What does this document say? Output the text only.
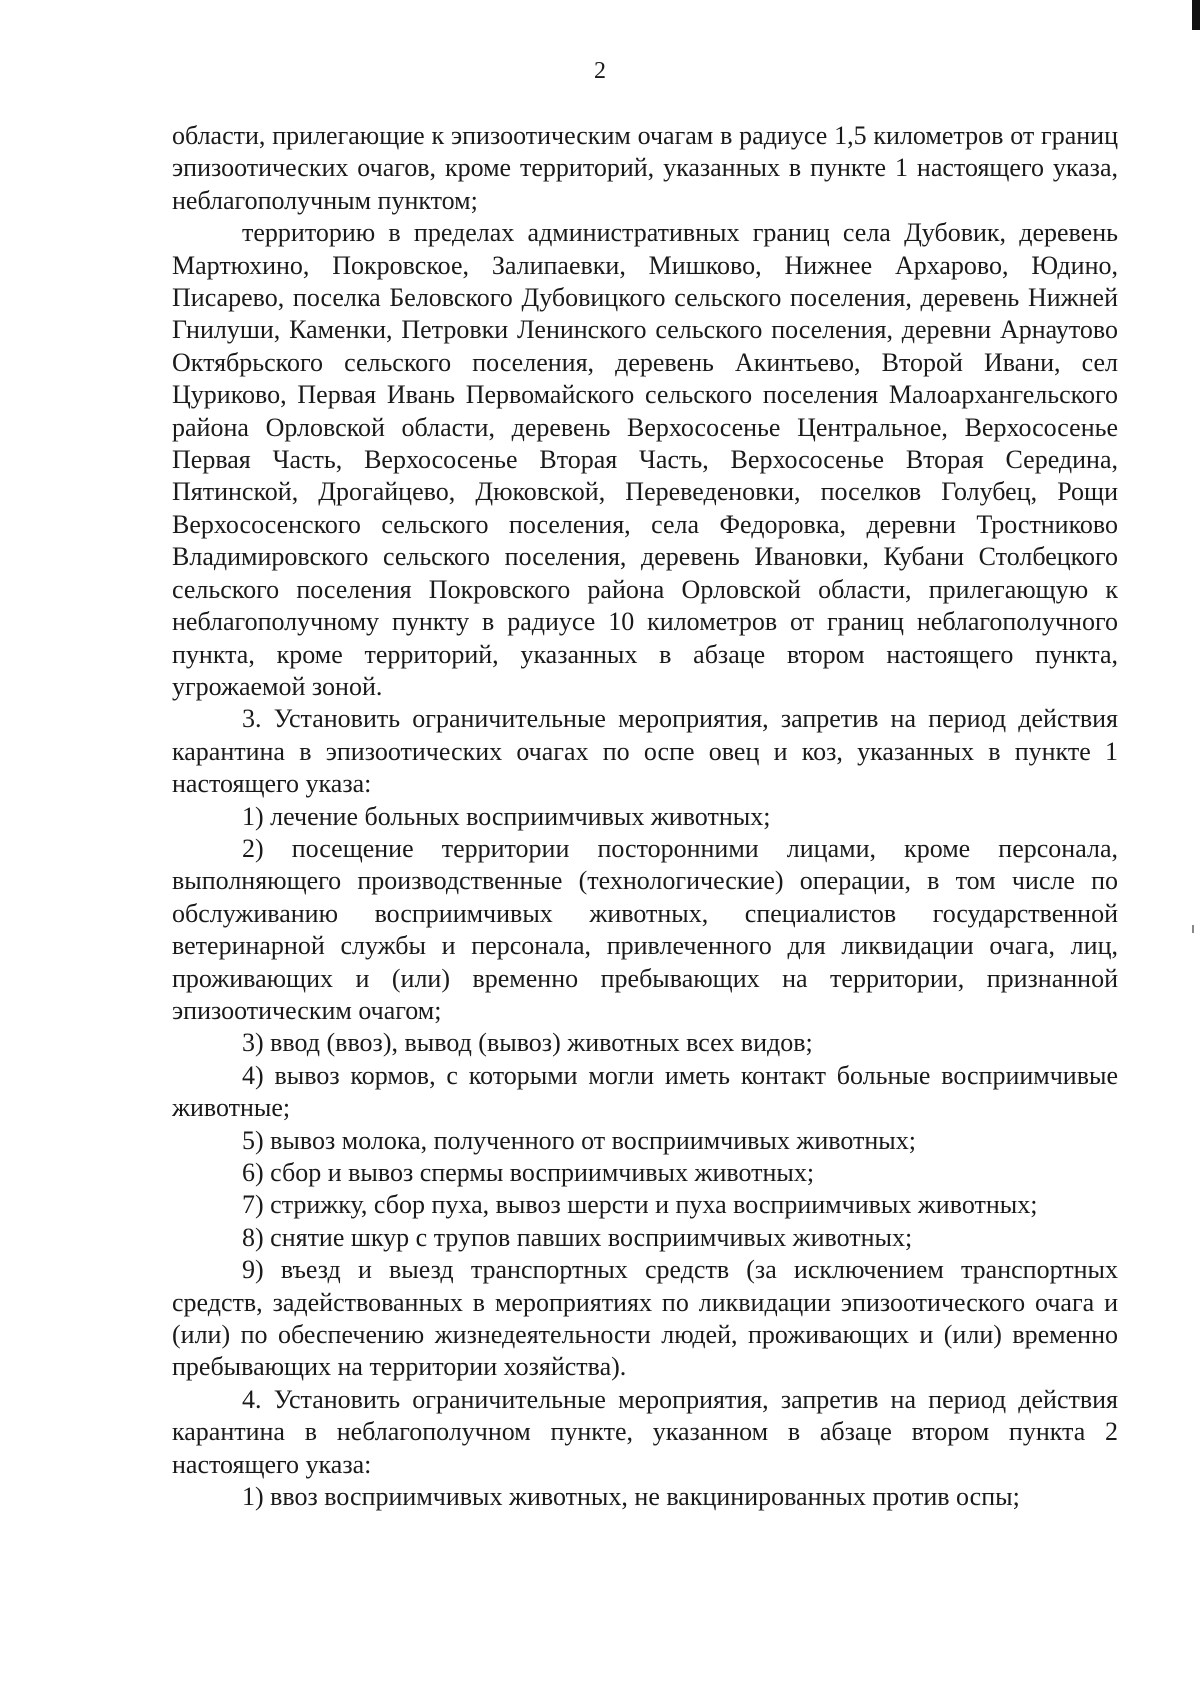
2

области, прилегающие к эпизоотическим очагам в радиусе 1,5 километров от границ эпизоотических очагов, кроме территорий, указанных в пункте 1 настоящего указа, неблагополучным пунктом;

территорию в пределах административных границ села Дубовик, деревень Мартюхино, Покровское, Залипаевки, Мишково, Нижнее Архарово, Юдино, Писарево, поселка Беловского Дубовицкого сельского поселения, деревень Нижней Гнилуши, Каменки, Петровки Ленинского сельского поселения, деревни Арнаутово Октябрьского сельского поселения, деревень Акинтьево, Второй Ивани, сел Цуриково, Первая Ивань Первомайского сельского поселения Малоархангельского района Орловской области, деревень Верхососенье Центральное, Верхососенье Первая Часть, Верхососенье Вторая Часть, Верхососенье Вторая Середина, Пятинской, Дрогайцево, Дюковской, Переведеновки, поселков Голубец, Рощи Верхососенского сельского поселения, села Федоровка, деревни Тростниково Владимировского сельского поселения, деревень Ивановки, Кубани Столбецкого сельского поселения Покровского района Орловской области, прилегающую к неблагополучному пункту в радиусе 10 километров от границ неблагополучного пункта, кроме территорий, указанных в абзаце втором настоящего пункта, угрожаемой зоной.

3. Установить ограничительные мероприятия, запретив на период действия карантина в эпизоотических очагах по оспе овец и коз, указанных в пункте 1 настоящего указа:

1) лечение больных восприимчивых животных;

2) посещение территории посторонними лицами, кроме персонала, выполняющего производственные (технологические) операции, в том числе по обслуживанию восприимчивых животных, специалистов государственной ветеринарной службы и персонала, привлеченного для ликвидации очага, лиц, проживающих и (или) временно пребывающих на территории, признанной эпизоотическим очагом;

3) ввод (ввоз), вывод (вывоз) животных всех видов;

4) вывоз кормов, с которыми могли иметь контакт больные восприимчивые животные;

5) вывоз молока, полученного от восприимчивых животных;

6) сбор и вывоз спермы восприимчивых животных;

7) стрижку, сбор пуха, вывоз шерсти и пуха восприимчивых животных;

8) снятие шкур с трупов павших восприимчивых животных;

9) въезд и выезд транспортных средств (за исключением транспортных средств, задействованных в мероприятиях по ликвидации эпизоотического очага и (или) по обеспечению жизнедеятельности людей, проживающих и (или) временно пребывающих на территории хозяйства).

4. Установить ограничительные мероприятия, запретив на период действия карантина в неблагополучном пункте, указанном в абзаце втором пункта 2 настоящего указа:

1) ввоз восприимчивых животных, не вакцинированных против оспы;
